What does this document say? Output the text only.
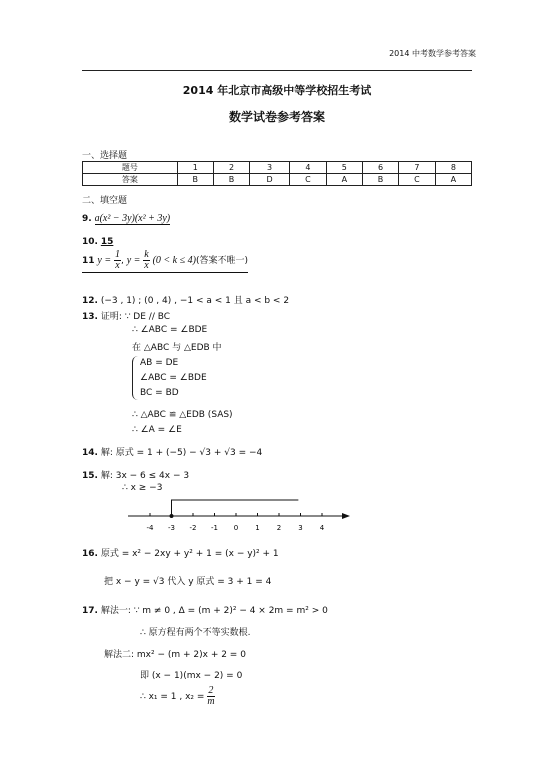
2014 中考数学参考答案
2014 年北京市高级中等学校招生考试
数学试卷参考答案
一、选择题
题号	1	2	3	4	5	6	7	8
答案	B	B	D	C	A	B	C	A
二、填空题
9. a(x² − 3y)(x² + 3y)
10. 15
11 $y = \frac{1}{x}$ , $y = \frac{k}{x} (0 < k \le 4)$(答案不唯一)
12. (−3 , 1) ; (0 , 4) , −1 < a < 1 且 a < b < 2
13. 证明: ∵ DE // BC
∴ ∠ABC = ∠BDE
在 △ABC 与 △EDB 中
AB = DE
∠ABC = ∠BDE
BC = BD
∴ △ABC ≌ △EDB (SAS)
∴ ∠A = ∠E
14. 解: 原式 = 1 + (−5) − √3 + √3 = −4
15. 解: 3x − 6 ≤ 4x − 3
∴ x ≥ −3
-4 -3 -2 -1 0 1 2 3 4
16. 原式 = x² − 2xy + y² + 1 = (x − y)² + 1
把 x − y = √3 代入 y 原式 = 3 + 1 = 4
17. 解法一: ∵ m ≠ 0 , Δ = (m + 2)² − 4 × 2m = m² > 0
∴ 原方程有两个不等实数根.
解法二: mx² − (m + 2)x + 2 = 0
即 (x − 1)(mx − 2) = 0
∴ x₁ = 1 , $x_2 = \frac{2}{m}$
